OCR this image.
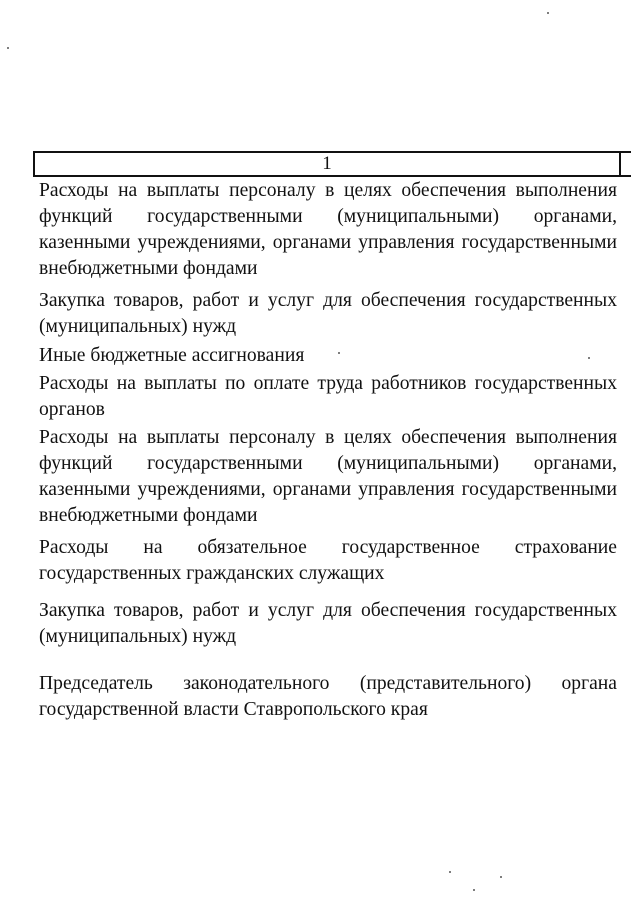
1

Расходы на выплаты персоналу в целях обеспечения выполнения функций государственными (муниципальными) органами, казенными учреждениями, органами управления государственными внебюджетными фондами

Закупка товаров, работ и услуг для обеспечения государственных (муниципальных) нужд

Иные бюджетные ассигнования

Расходы на выплаты по оплате труда работников государственных органов

Расходы на выплаты персоналу в целях обеспечения выполнения функций государственными (муниципальными) органами, казенными учреждениями, органами управления государственными внебюджетными фондами

Расходы на обязательное государственное страхование государственных гражданских служащих

Закупка товаров, работ и услуг для обеспечения государственных (муниципальных) нужд

Председатель законодательного (представительного) органа государственной власти Ставропольского края
